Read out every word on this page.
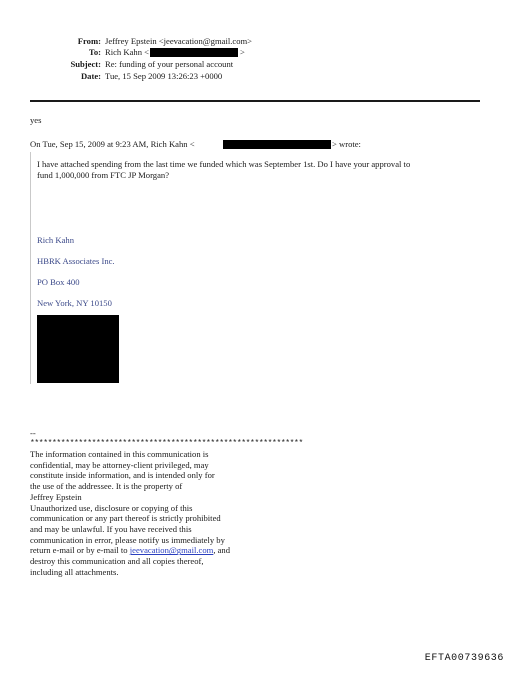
From: Jeffrey Epstein <jeevacation@gmail.com>
To: Rich Kahn <	>
Subject: Re: funding of your personal account
Date: Tue, 15 Sep 2009 13:26:23 +0000
yes
On Tue, Sep 15, 2009 at 9:23 AM, Rich Kahn <	> wrote:
I have attached spending from the last time we funded which was September 1st. Do I have your approval to
fund 1,000,000 from FTC JP Morgan?
Rich Kahn
HBRK Associates Inc.
PO Box 400
New York, NY 10150
--
**************************************************************
The information contained in this communication is
confidential, may be attorney-client privileged, may
constitute inside information, and is intended only for
the use of the addressee. It is the property of
Jeffrey Epstein
Unauthorized use, disclosure or copying of this
communication or any part thereof is strictly prohibited
and may be unlawful. If you have received this
communication in error, please notify us immediately by
return e-mail or by e-mail to jeevacation@gmail.com, and
destroy this communication and all copies thereof,
including all attachments.
EFTA00739636
